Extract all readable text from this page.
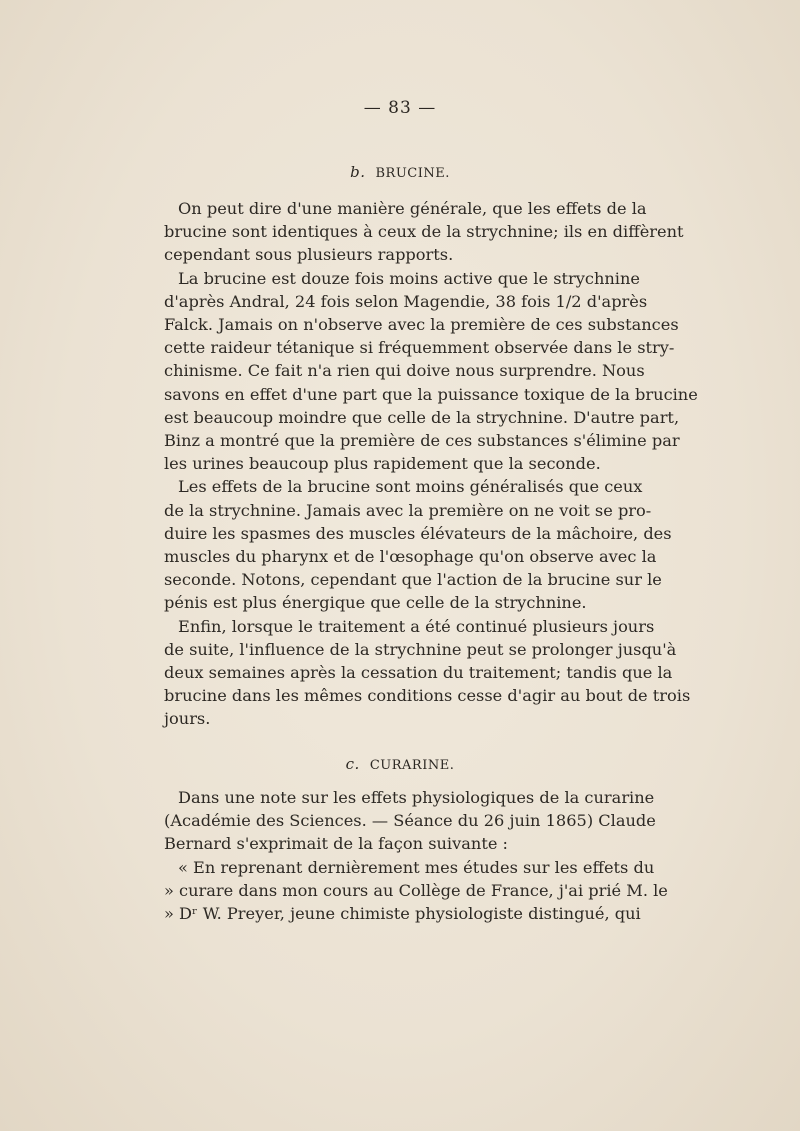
— 83 —
b. BRUCINE.
On peut dire d'une manière générale, que les effets de la
brucine sont identiques à ceux de la strychnine; ils en diffèrent
cependant sous plusieurs rapports.
La brucine est douze fois moins active que le strychnine
d'après Andral, 24 fois selon Magendie, 38 fois 1/2 d'après
Falck. Jamais on n'observe avec la première de ces substances
cette raideur tétanique si fréquemment observée dans le stry-
chinisme. Ce fait n'a rien qui doive nous surprendre. Nous
savons en effet d'une part que la puissance toxique de la brucine
est beaucoup moindre que celle de la strychnine. D'autre part,
Binz a montré que la première de ces substances s'élimine par
les urines beaucoup plus rapidement que la seconde.
Les effets de la brucine sont moins généralisés que ceux
de la strychnine. Jamais avec la première on ne voit se pro-
duire les spasmes des muscles élévateurs de la mâchoire, des
muscles du pharynx et de l'œsophage qu'on observe avec la
seconde. Notons, cependant que l'action de la brucine sur le
pénis est plus énergique que celle de la strychnine.
Enfin, lorsque le traitement a été continué plusieurs jours
de suite, l'influence de la strychnine peut se prolonger jusqu'à
deux semaines après la cessation du traitement; tandis que la
brucine dans les mêmes conditions cesse d'agir au bout de trois
jours.
c. CURARINE.
Dans une note sur les effets physiologiques de la curarine
(Académie des Sciences. — Séance du 26 juin 1865) Claude
Bernard s'exprimait de la façon suivante :
« En reprenant dernièrement mes études sur les effets du
» curare dans mon cours au Collège de France, j'ai prié M. le
» Dʳ W. Preyer, jeune chimiste physiologiste distingué, qui
